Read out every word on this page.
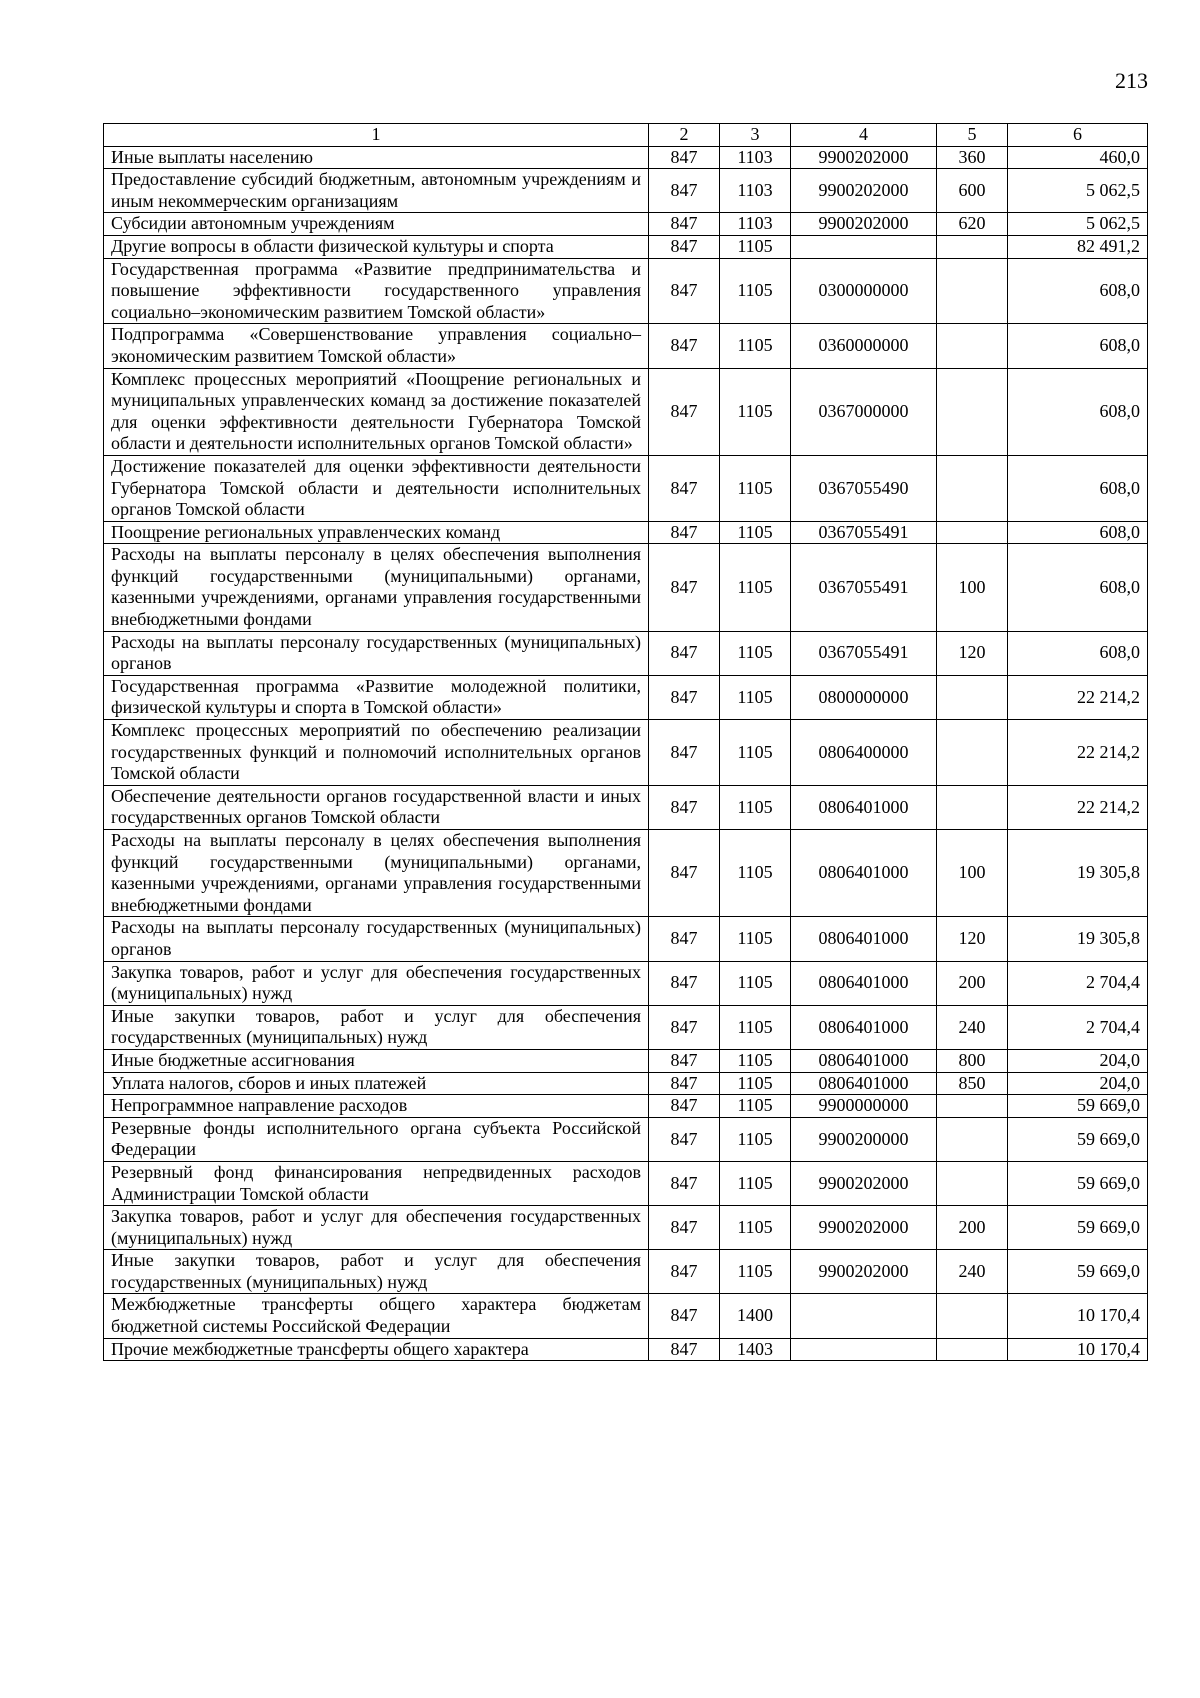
213
1	2	3	4	5	6
Иные выплаты населению	847	1103	9900202000	360	460,0
Предоставление субсидий бюджетным, автономным учреждениям и иным некоммерческим организациям	847	1103	9900202000	600	5 062,5
Субсидии автономным учреждениям	847	1103	9900202000	620	5 062,5
Другие вопросы в области физической культуры и спорта	847	1105			82 491,2
Государственная программа «Развитие предпринимательства и повышение эффективности государственного управления социально–экономическим развитием Томской области»	847	1105	0300000000		608,0
Подпрограмма «Совершенствование управления социально–экономическим развитием Томской области»	847	1105	0360000000		608,0
Комплекс процессных мероприятий «Поощрение региональных и муниципальных управленческих команд за достижение показателей для оценки эффективности деятельности Губернатора Томской области и деятельности исполнительных органов Томской области»	847	1105	0367000000		608,0
Достижение показателей для оценки эффективности деятельности Губернатора Томской области и деятельности исполнительных органов Томской области	847	1105	0367055490		608,0
Поощрение региональных управленческих команд	847	1105	0367055491		608,0
Расходы на выплаты персоналу в целях обеспечения выполнения функций государственными (муниципальными) органами, казенными учреждениями, органами управления государственными внебюджетными фондами	847	1105	0367055491	100	608,0
Расходы на выплаты персоналу государственных (муниципальных) органов	847	1105	0367055491	120	608,0
Государственная программа «Развитие молодежной политики, физической культуры и спорта в Томской области»	847	1105	0800000000		22 214,2
Комплекс процессных мероприятий по обеспечению реализации государственных функций и полномочий исполнительных органов Томской области	847	1105	0806400000		22 214,2
Обеспечение деятельности органов государственной власти и иных государственных органов Томской области	847	1105	0806401000		22 214,2
Расходы на выплаты персоналу в целях обеспечения выполнения функций государственными (муниципальными) органами, казенными учреждениями, органами управления государственными внебюджетными фондами	847	1105	0806401000	100	19 305,8
Расходы на выплаты персоналу государственных (муниципальных) органов	847	1105	0806401000	120	19 305,8
Закупка товаров, работ и услуг для обеспечения государственных (муниципальных) нужд	847	1105	0806401000	200	2 704,4
Иные закупки товаров, работ и услуг для обеспечения государственных (муниципальных) нужд	847	1105	0806401000	240	2 704,4
Иные бюджетные ассигнования	847	1105	0806401000	800	204,0
Уплата налогов, сборов и иных платежей	847	1105	0806401000	850	204,0
Непрограммное направление расходов	847	1105	9900000000		59 669,0
Резервные фонды исполнительного органа субъекта Российской Федерации	847	1105	9900200000		59 669,0
Резервный фонд финансирования непредвиденных расходов Администрации Томской области	847	1105	9900202000		59 669,0
Закупка товаров, работ и услуг для обеспечения государственных (муниципальных) нужд	847	1105	9900202000	200	59 669,0
Иные закупки товаров, работ и услуг для обеспечения государственных (муниципальных) нужд	847	1105	9900202000	240	59 669,0
Межбюджетные трансферты общего характера бюджетам бюджетной системы Российской Федерации	847	1400			10 170,4
Прочие межбюджетные трансферты общего характера	847	1403			10 170,4
